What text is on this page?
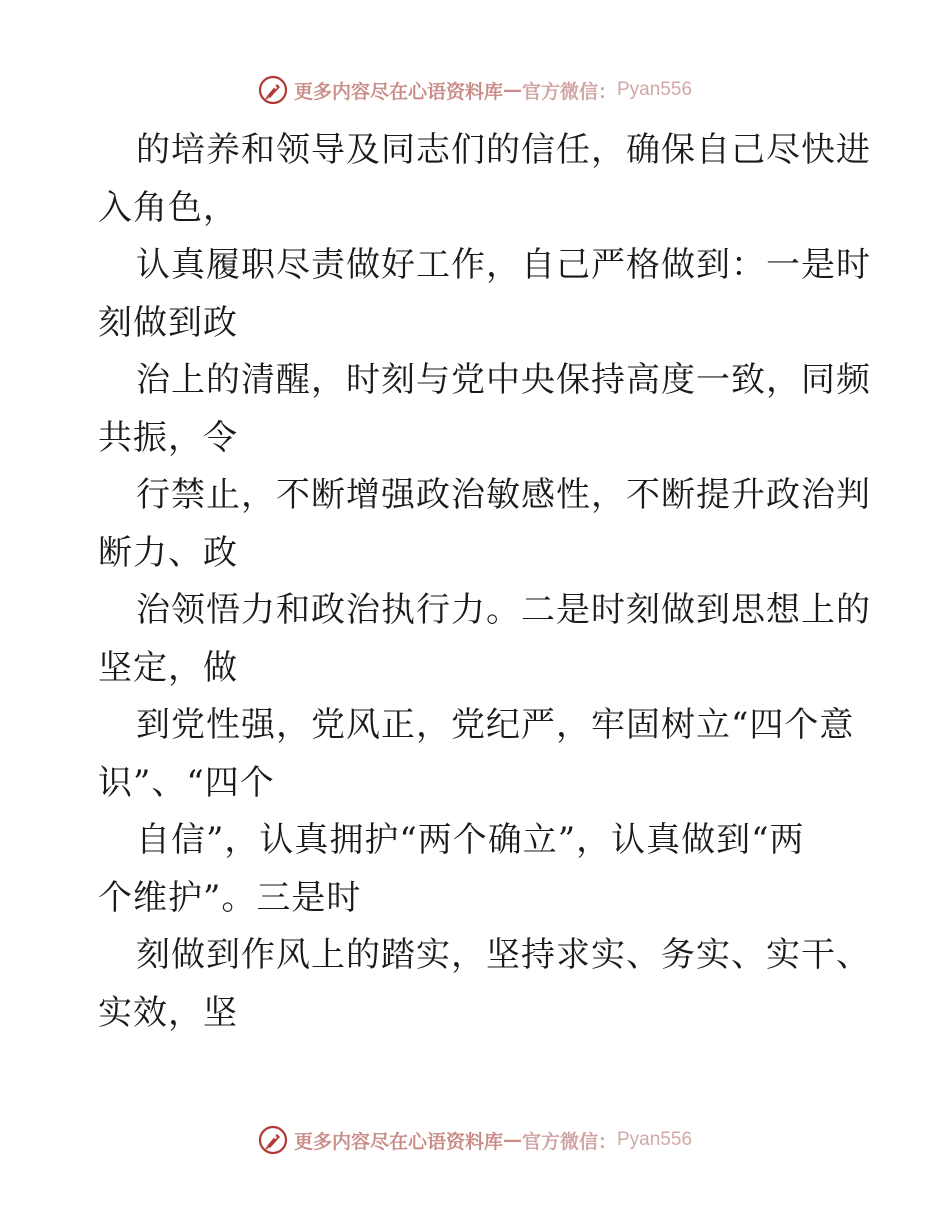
更多内容尽在心语资料库 — 官方微信： Pyan556
的培养和领导及同志们的信任，确保自己尽快进
入角色，
认真履职尽责做好工作，自己严格做到：一是时
刻做到政
治上的清醒，时刻与党中央保持高度一致，同频
共振，令
行禁止，不断增强政治敏感性，不断提升政治判
断力、政
治领悟力和政治执行力。二是时刻做到思想上的
坚定，做
到党性强，党风正，党纪严，牢固树立“四个意
识”、“四个
自信”，认真拥护“两个确立”，认真做到“两
个维护”。三是时
刻做到作风上的踏实，坚持求实、务实、实干、
实效，坚
更多内容尽在心语资料库 — 官方微信： Pyan556
